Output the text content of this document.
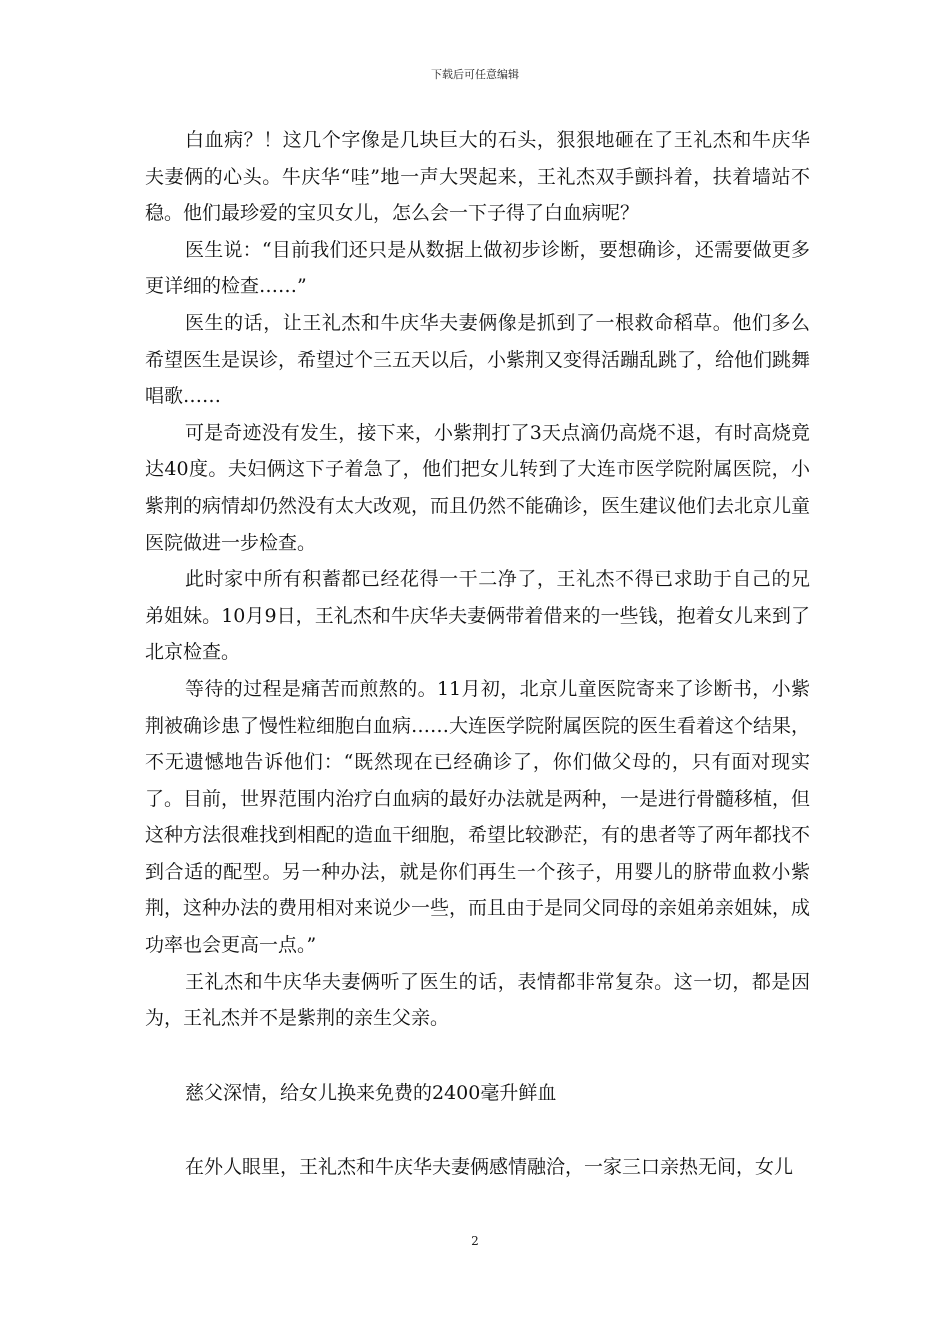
下载后可任意编辑

白血病？！这几个字像是几块巨大的石头，狠狠地砸在了王礼杰和牛庆华夫妻俩的心头。牛庆华“哇”地一声大哭起来，王礼杰双手颤抖着，扶着墙站不稳。他们最珍爱的宝贝女儿，怎么会一下子得了白血病呢？

医生说：“目前我们还只是从数据上做初步诊断，要想确诊，还需要做更多更详细的检查……”

医生的话，让王礼杰和牛庆华夫妻俩像是抓到了一根救命稻草。他们多么希望医生是误诊，希望过个三五天以后，小紫荆又变得活蹦乱跳了，给他们跳舞唱歌……

可是奇迹没有发生，接下来，小紫荆打了3天点滴仍高烧不退，有时高烧竟达40度。夫妇俩这下子着急了，他们把女儿转到了大连市医学院附属医院，小紫荆的病情却仍然没有太大改观，而且仍然不能确诊，医生建议他们去北京儿童医院做进一步检查。

此时家中所有积蓄都已经花得一干二净了，王礼杰不得已求助于自己的兄弟姐妹。10月9日，王礼杰和牛庆华夫妻俩带着借来的一些钱，抱着女儿来到了北京检查。

等待的过程是痛苦而煎熬的。11月初，北京儿童医院寄来了诊断书，小紫荆被确诊患了慢性粒细胞白血病……大连医学院附属医院的医生看着这个结果，不无遗憾地告诉他们：“既然现在已经确诊了，你们做父母的，只有面对现实了。目前，世界范围内治疗白血病的最好办法就是两种，一是进行骨髓移植，但这种方法很难找到相配的造血干细胞，希望比较渺茫，有的患者等了两年都找不到合适的配型。另一种办法，就是你们再生一个孩子，用婴儿的脐带血救小紫荆，这种办法的费用相对来说少一些，而且由于是同父同母的亲姐弟亲姐妹，成功率也会更高一点。”

王礼杰和牛庆华夫妻俩听了医生的话，表情都非常复杂。这一切，都是因为，王礼杰并不是紫荆的亲生父亲。

慈父深情，给女儿换来免费的2400毫升鲜血

在外人眼里，王礼杰和牛庆华夫妻俩感情融洽，一家三口亲热无间，女儿

2
